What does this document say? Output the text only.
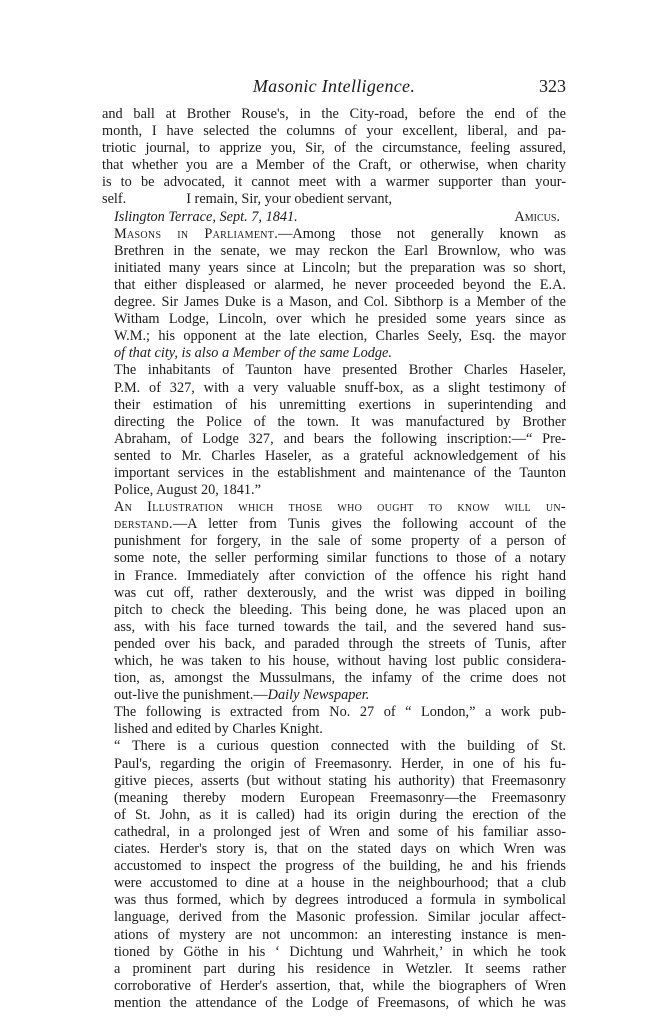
Masonic Intelligence.	323

and ball at Brother Rouse's, in the City-road, before the end of the
month, I have selected the columns of your excellent, liberal, and pa-
triotic journal, to apprize you, Sir, of the circumstance, feeling assured,
that whether you are a Member of the Craft, or otherwise, when charity
is to be advocated, it cannot meet with a warmer supporter than your-
self.	I remain, Sir, your obedient servant,
Islington Terrace, Sept. 7, 1841.	Amicus.

Masons in Parliament.—Among those not generally known as
Brethren in the senate, we may reckon the Earl Brownlow, who was
initiated many years since at Lincoln; but the preparation was so short,
that either displeased or alarmed, he never proceeded beyond the E.A.
degree. Sir James Duke is a Mason, and Col. Sibthorp is a Member of the
Witham Lodge, Lincoln, over which he presided some years since as
W.M.; his opponent at the late election, Charles Seely, Esq. the mayor
of that city, is also a Member of the same Lodge.

The inhabitants of Taunton have presented Brother Charles Haseler,
P.M. of 327, with a very valuable snuff-box, as a slight testimony of
their estimation of his unremitting exertions in superintending and
directing the Police of the town. It was manufactured by Brother
Abraham, of Lodge 327, and bears the following inscription:—“ Pre-
sented to Mr. Charles Haseler, as a grateful acknowledgement of his
important services in the establishment and maintenance of the Taunton
Police, August 20, 1841.”

An Illustration which those who ought to know will un-
derstand.—A letter from Tunis gives the following account of the
punishment for forgery, in the sale of some property of a person of
some note, the seller performing similar functions to those of a notary
in France. Immediately after conviction of the offence his right hand
was cut off, rather dexterously, and the wrist was dipped in boiling
pitch to check the bleeding. This being done, he was placed upon an
ass, with his face turned towards the tail, and the severed hand sus-
pended over his back, and paraded through the streets of Tunis, after
which, he was taken to his house, without having lost public considera-
tion, as, amongst the Mussulmans, the infamy of the crime does not
out-live the punishment.—Daily Newspaper.

The following is extracted from No. 27 of “ London,” a work pub-
lished and edited by Charles Knight.

“ There is a curious question connected with the building of St.
Paul's, regarding the origin of Freemasonry. Herder, in one of his fu-
gitive pieces, asserts (but without stating his authority) that Freemasonry
(meaning thereby modern European Freemasonry—the Freemasonry
of St. John, as it is called) had its origin during the erection of the
cathedral, in a prolonged jest of Wren and some of his familiar asso-
ciates. Herder's story is, that on the stated days on which Wren was
accustomed to inspect the progress of the building, he and his friends
were accustomed to dine at a house in the neighbourhood; that a club
was thus formed, which by degrees introduced a formula in symbolical
language, derived from the Masonic profession. Similar jocular affect-
ations of mystery are not uncommon: an interesting instance is men-
tioned by Göthe in his ‘ Dichtung und Wahrheit,’ in which he took
a prominent part during his residence in Wetzler. It seems rather
corroborative of Herder's assertion, that, while the biographers of Wren
mention the attendance of the Lodge of Freemasons, of which he was
